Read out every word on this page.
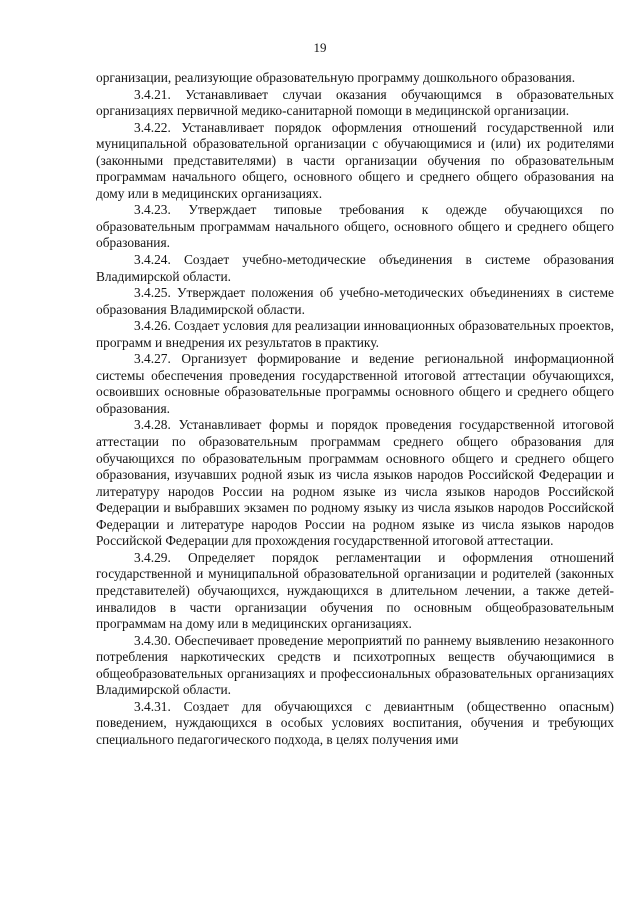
19

организации, реализующие образовательную программу дошкольного образования.

3.4.21. Устанавливает случаи оказания обучающимся в образовательных организациях первичной медико-санитарной помощи в медицинской организации.

3.4.22. Устанавливает порядок оформления отношений государственной или муниципальной образовательной организации с обучающимися и (или) их родителями (законными представителями) в части организации обучения по образовательным программам начального общего, основного общего и среднего общего образования на дому или в медицинских организациях.

3.4.23. Утверждает типовые требования к одежде обучающихся по образовательным программам начального общего, основного общего и среднего общего образования.

3.4.24. Создает учебно-методические объединения в системе образования Владимирской области.

3.4.25. Утверждает положения об учебно-методических объединениях в системе образования Владимирской области.

3.4.26. Создает условия для реализации инновационных образовательных проектов, программ и внедрения их результатов в практику.

3.4.27. Организует формирование и ведение региональной информационной системы обеспечения проведения государственной итоговой аттестации обучающихся, освоивших основные образовательные программы основного общего и среднего общего образования.

3.4.28. Устанавливает формы и порядок проведения государственной итоговой аттестации по образовательным программам среднего общего образования для обучающихся по образовательным программам основного общего и среднего общего образования, изучавших родной язык из числа языков народов Российской Федерации и литературу народов России на родном языке из числа языков народов Российской Федерации и выбравших экзамен по родному языку из числа языков народов Российской Федерации и литературе народов России на родном языке из числа языков народов Российской Федерации для прохождения государственной итоговой аттестации.

3.4.29. Определяет порядок регламентации и оформления отношений государственной и муниципальной образовательной организации и родителей (законных представителей) обучающихся, нуждающихся в длительном лечении, а также детей-инвалидов в части организации обучения по основным общеобразовательным программам на дому или в медицинских организациях.

3.4.30. Обеспечивает проведение мероприятий по раннему выявлению незаконного потребления наркотических средств и психотропных веществ обучающимися в общеобразовательных организациях и профессиональных образовательных организациях Владимирской области.

3.4.31. Создает для обучающихся с девиантным (общественно опасным) поведением, нуждающихся в особых условиях воспитания, обучения и требующих специального педагогического подхода, в целях получения ими
